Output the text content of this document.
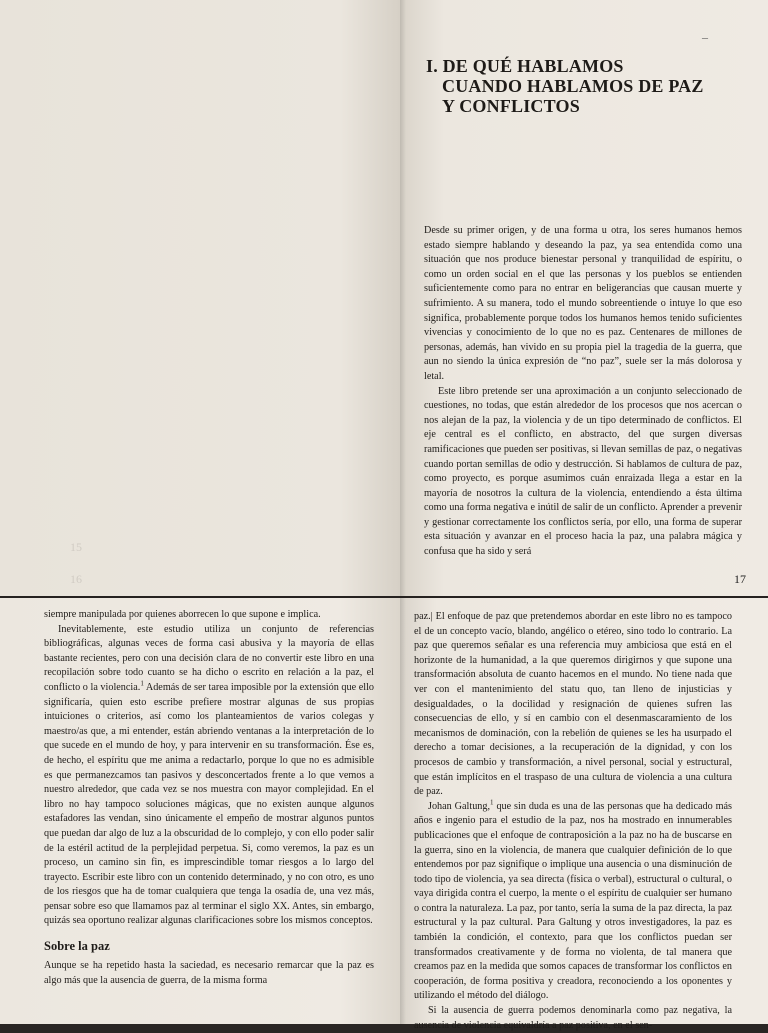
15
16
–
I. DE QUÉ HABLAMOS
CUANDO HABLAMOS DE PAZ
Y CONFLICTOS

Desde su primer origen, y de una forma u otra, los seres humanos hemos estado siempre hablando y deseando la paz, ya sea entendida como una situación que nos produce bienestar personal y tranquilidad de espíritu, o como un orden social en el que las personas y los pueblos se entienden suficientemente como para no entrar en beligerancias que causan muerte y sufrimiento. A su manera, todo el mundo sobreentiende o intuye lo que eso significa, probablemente porque todos los humanos hemos tenido suficientes vivencias y conocimiento de lo que no es paz. Centenares de millones de personas, además, han vivido en su propia piel la tragedia de la guerra, que aun no siendo la única expresión de “no paz”, suele ser la más dolorosa y letal.

Este libro pretende ser una aproximación a un conjunto seleccionado de cuestiones, no todas, que están alrededor de los procesos que nos acercan o nos alejan de la paz, la violencia y de un tipo determinado de conflictos. El eje central es el conflicto, en abstracto, del que surgen diversas ramificaciones que pueden ser positivas, si llevan semillas de paz, o negativas cuando portan semillas de odio y destrucción. Si hablamos de cultura de paz, como proyecto, es porque asumimos cuán enraizada llega a estar en la mayoría de nosotros la cultura de la violencia, entendiendo a ésta última como una forma negativa e inútil de salir de un conflicto. Aprender a prevenir y gestionar correctamente los conflictos sería, por ello, una forma de superar esta situación y avanzar en el proceso hacia la paz, una palabra mágica y confusa que ha sido y será

17

siempre manipulada por quienes aborrecen lo que supone e implica.

Inevitablemente, este estudio utiliza un conjunto de referencias bibliográficas, algunas veces de forma casi abusiva y la mayoría de ellas bastante recientes, pero con una decisión clara de no convertir este libro en una recopilación sobre todo cuanto se ha dicho o escrito en relación a la paz, el conflicto o la violencia.$^1$ Además de ser tarea imposible por la extensión que ello significaría, quien esto escribe prefiere mostrar algunas de sus propias intuiciones o criterios, así como los planteamientos de varios colegas y maestro/as que, a mi entender, están abriendo ventanas a la interpretación de lo que sucede en el mundo de hoy, y para intervenir en su transformación. Ése es, de hecho, el espíritu que me anima a redactarlo, porque lo que no es admisible es que permanezcamos tan pasivos y desconcertados frente a lo que vemos a nuestro alrededor, que cada vez se nos muestra con mayor complejidad. En el libro no hay tampoco soluciones mágicas, que no existen aunque algunos estafadores las vendan, sino únicamente el empeño de mostrar algunos puntos que puedan dar algo de luz a la obscuridad de lo complejo, y con ello poder salir de la estéril actitud de la perplejidad perpetua. Si, como veremos, la paz es un proceso, un camino sin fin, es imprescindible tomar riesgos a lo largo del trayecto. Escribir este libro con un contenido determinado, y no con otro, es uno de los riesgos que ha de tomar cualquiera que tenga la osadía de, una vez más, pensar sobre eso que llamamos paz al terminar el siglo XX. Antes, sin embargo, quizás sea oportuno realizar algunas clarificaciones sobre los mismos conceptos.

Sobre la paz

Aunque se ha repetido hasta la saciedad, es necesario remarcar que la paz es algo más que la ausencia de guerra, de la misma forma

paz.| El enfoque de paz que pretendemos abordar en este libro no es tampoco el de un concepto vacío, blando, angélico o etéreo, sino todo lo contrario. La paz que queremos señalar es una referencia muy ambiciosa que está en el horizonte de la humanidad, a la que queremos dirigirnos y que supone una transformación absoluta de cuanto hacemos en el mundo. No tiene nada que ver con el mantenimiento del statu quo, tan lleno de injusticias y desigualdades, o la docilidad y resignación de quienes sufren las consecuencias de ello, y sí en cambio con el desenmascaramiento de los mecanismos de dominación, con la rebelión de quienes se les ha usurpado el derecho a tomar decisiones, a la recuperación de la dignidad, y con los procesos de cambio y transformación, a nivel personal, social y estructural, que están implícitos en el traspaso de una cultura de violencia a una cultura de paz.

Johan Galtung,$^1$ que sin duda es una de las personas que ha dedicado más años e ingenio para el estudio de la paz, nos ha mostrado en innumerables publicaciones que el enfoque de contraposición a la paz no ha de buscarse en la guerra, sino en la violencia, de manera que cualquier definición de lo que entendemos por paz signifique o implique una ausencia o una disminución de todo tipo de violencia, ya sea directa (física o verbal), estructural o cultural, o vaya dirigida contra el cuerpo, la mente o el espíritu de cualquier ser humano o contra la naturaleza. La paz, por tanto, sería la suma de la paz directa, la paz estructural y la paz cultural. Para Galtung y otros investigadores, la paz es también la condición, el contexto, para que los conflictos puedan ser transformados creativamente y de forma no violenta, de tal manera que creamos paz en la medida que somos capaces de transformar los conflictos en cooperación, de forma positiva y creadora, reconociendo a los oponentes y utilizando el método del diálogo.

Si la ausencia de guerra podemos denominarla como paz negativa, la ausencia de violencia equivaldría a paz positiva, en el sen-
